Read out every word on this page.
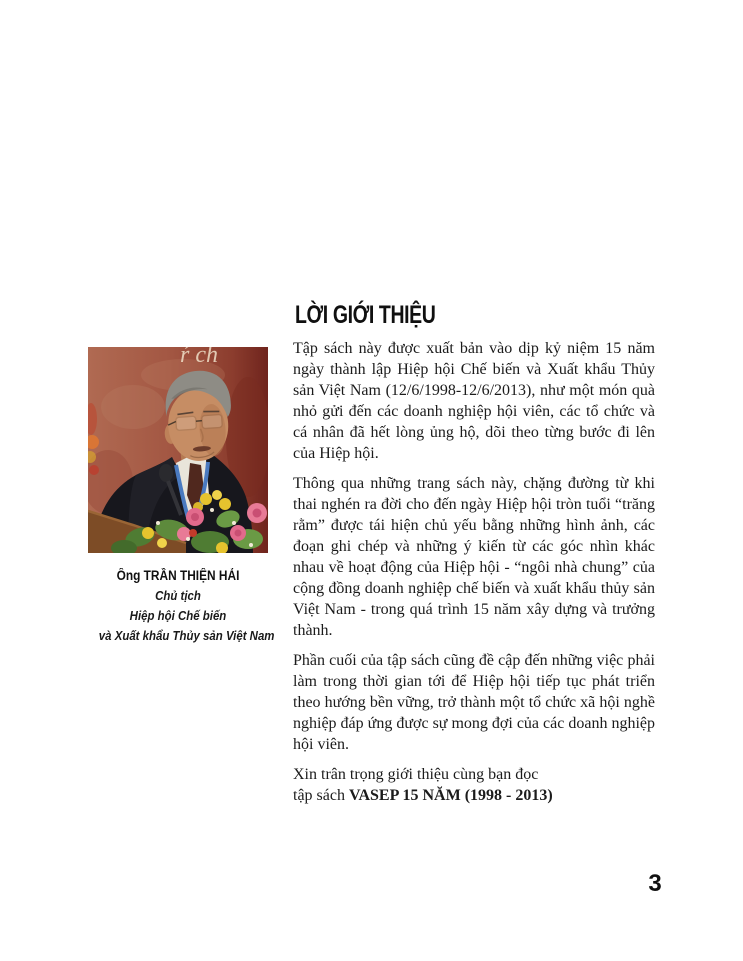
LỜI GIỚI THIỆU
ŕ ch
Ông TRẦN THIỆN HẢI
Chủ tịch
Hiệp hội Chế biến
và Xuất khẩu Thủy sản Việt Nam

Tập sách này được xuất bản vào dịp kỷ niệm 15 năm ngày thành lập Hiệp hội Chế biến và Xuất khẩu Thủy sản Việt Nam (12/6/1998-12/6/2013), như một món quà nhỏ gửi đến các doanh nghiệp hội viên, các tổ chức và cá nhân đã hết lòng ủng hộ, dõi theo từng bước đi lên của Hiệp hội.

Thông qua những trang sách này, chặng đường từ khi thai nghén ra đời cho đến ngày Hiệp hội tròn tuổi “trăng rằm” được tái hiện chủ yếu bằng những hình ảnh, các đoạn ghi chép và những ý kiến từ các góc nhìn khác nhau về hoạt động của Hiệp hội - “ngôi nhà chung” của cộng đồng doanh nghiệp chế biến và xuất khẩu thủy sản Việt Nam - trong quá trình 15 năm xây dựng và trưởng thành.

Phần cuối của tập sách cũng đề cập đến những việc phải làm trong thời gian tới để Hiệp hội tiếp tục phát triển theo hướng bền vững, trở thành một tổ chức xã hội nghề nghiệp đáp ứng được sự mong đợi của các doanh nghiệp hội viên.

Xin trân trọng giới thiệu cùng bạn đọc
tập sách VASEP 15 NĂM (1998 - 2013)
3
